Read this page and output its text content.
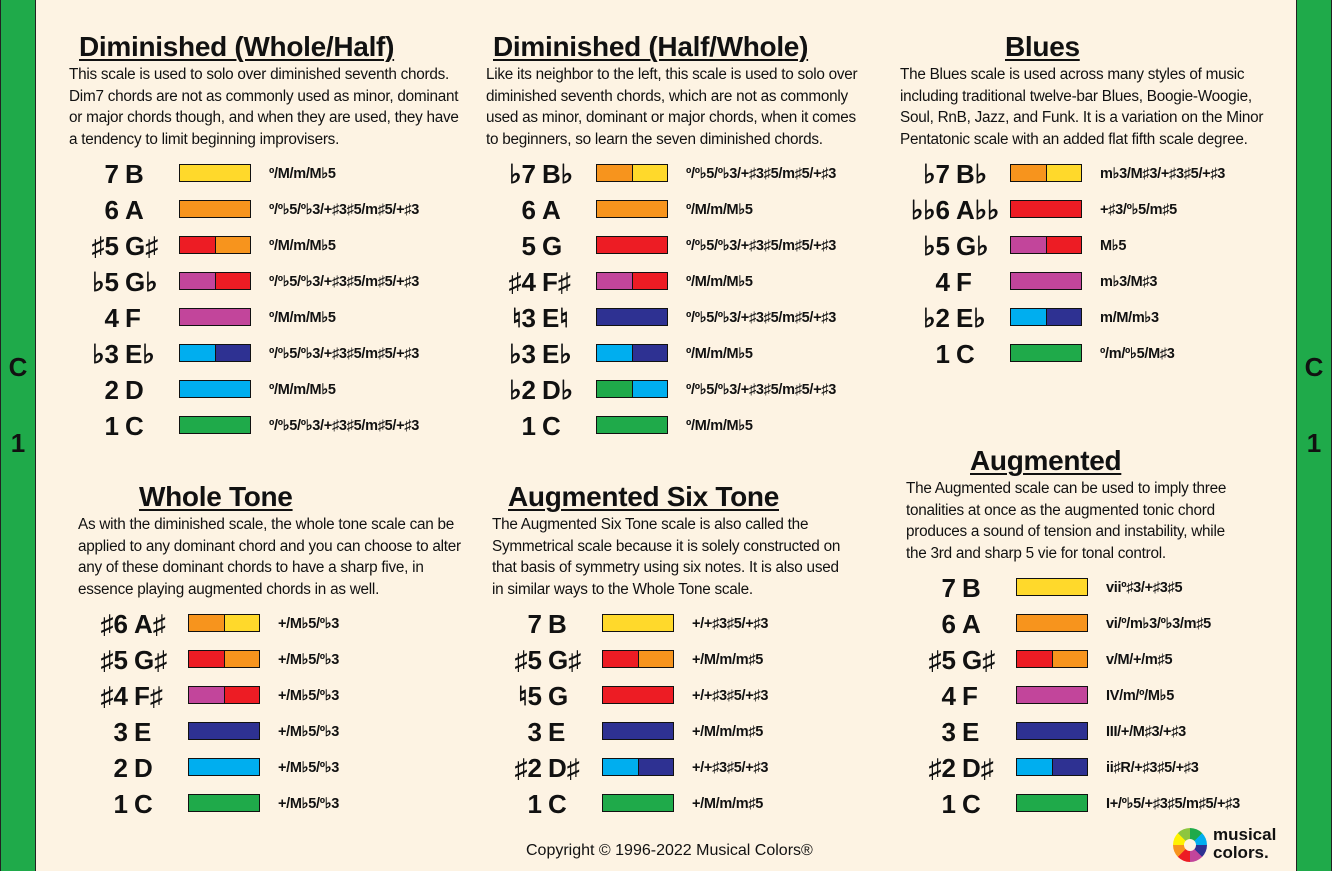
C
1
C
1
Diminished (Whole/Half)
This scale is used to solo over diminished seventh chords.
Dim7 chords are not as commonly used as minor, dominant
or major chords though, and when they are used, they have
a tendency to limit beginning improvisers.
7 B	º/M/m/M♭5
6 A	º/º♭5/º♭3/+♯3♯5/m♯5/+♯3
♯5 G♯	º/M/m/M♭5
♭5 G♭	º/º♭5/º♭3/+♯3♯5/m♯5/+♯3
4 F	º/M/m/M♭5
♭3 E♭	º/º♭5/º♭3/+♯3♯5/m♯5/+♯3
2 D	º/M/m/M♭5
1 C	º/º♭5/º♭3/+♯3♯5/m♯5/+♯3
Diminished (Half/Whole)
Like its neighbor to the left, this scale is used to solo over
diminished seventh chords, which are not as commonly
used as minor, dominant or major chords, when it comes
to beginners, so learn the seven diminished chords.
♭7 B♭	º/º♭5/º♭3/+♯3♯5/m♯5/+♯3
6 A	º/M/m/M♭5
5 G	º/º♭5/º♭3/+♯3♯5/m♯5/+♯3
♯4 F♯	º/M/m/M♭5
♮3 E♮	º/º♭5/º♭3/+♯3♯5/m♯5/+♯3
♭3 E♭	º/M/m/M♭5
♭2 D♭	º/º♭5/º♭3/+♯3♯5/m♯5/+♯3
1 C	º/M/m/M♭5
Blues
The Blues scale is used across many styles of music
including traditional twelve-bar Blues, Boogie-Woogie,
Soul, RnB, Jazz, and Funk. It is a variation on the Minor
Pentatonic scale with an added flat fifth scale degree.
♭7 B♭	m♭3/M♯3/+♯3♯5/+♯3
♭♭6 A♭♭	+♯3/º♭5/m♯5
♭5 G♭	M♭5
4 F	m♭3/M♯3
♭2 E♭	m/M/m♭3
1 C	º/m/º♭5/M♯3
Whole Tone
As with the diminished scale, the whole tone scale can be
applied to any dominant chord and you can choose to alter
any of these dominant chords to have a sharp five, in
essence playing augmented chords in as well.
♯6 A♯	+/M♭5/º♭3
♯5 G♯	+/M♭5/º♭3
♯4 F♯	+/M♭5/º♭3
3 E	+/M♭5/º♭3
2 D	+/M♭5/º♭3
1 C	+/M♭5/º♭3
Augmented Six Tone
The Augmented Six Tone scale is also called the
Symmetrical scale because it is solely constructed on
that basis of symmetry using six notes. It is also used
in similar ways to the Whole Tone scale.
7 B	+/+♯3♯5/+♯3
♯5 G♯	+/M/m/m♯5
♮5 G	+/+♯3♯5/+♯3
3 E	+/M/m/m♯5
♯2 D♯	+/+♯3♯5/+♯3
1 C	+/M/m/m♯5
Augmented
The Augmented scale can be used to imply three
tonalities at once as the augmented tonic chord
produces a sound of tension and instability, while
the 3rd and sharp 5 vie for tonal control.
7 B	viiº♯3/+♯3♯5
6 A	vi/º/m♭3/º♭3/m♯5
♯5 G♯	v/M/+/m♯5
4 F	IV/m/º/M♭5
3 E	III/+/M♯3/+♯3
♯2 D♯	ii♯R/+♯3♯5/+♯3
1 C	I+/º♭5/+♯3♯5/m♯5/+♯3
Copyright © 1996-2022 Musical Colors®
musical
colors.
